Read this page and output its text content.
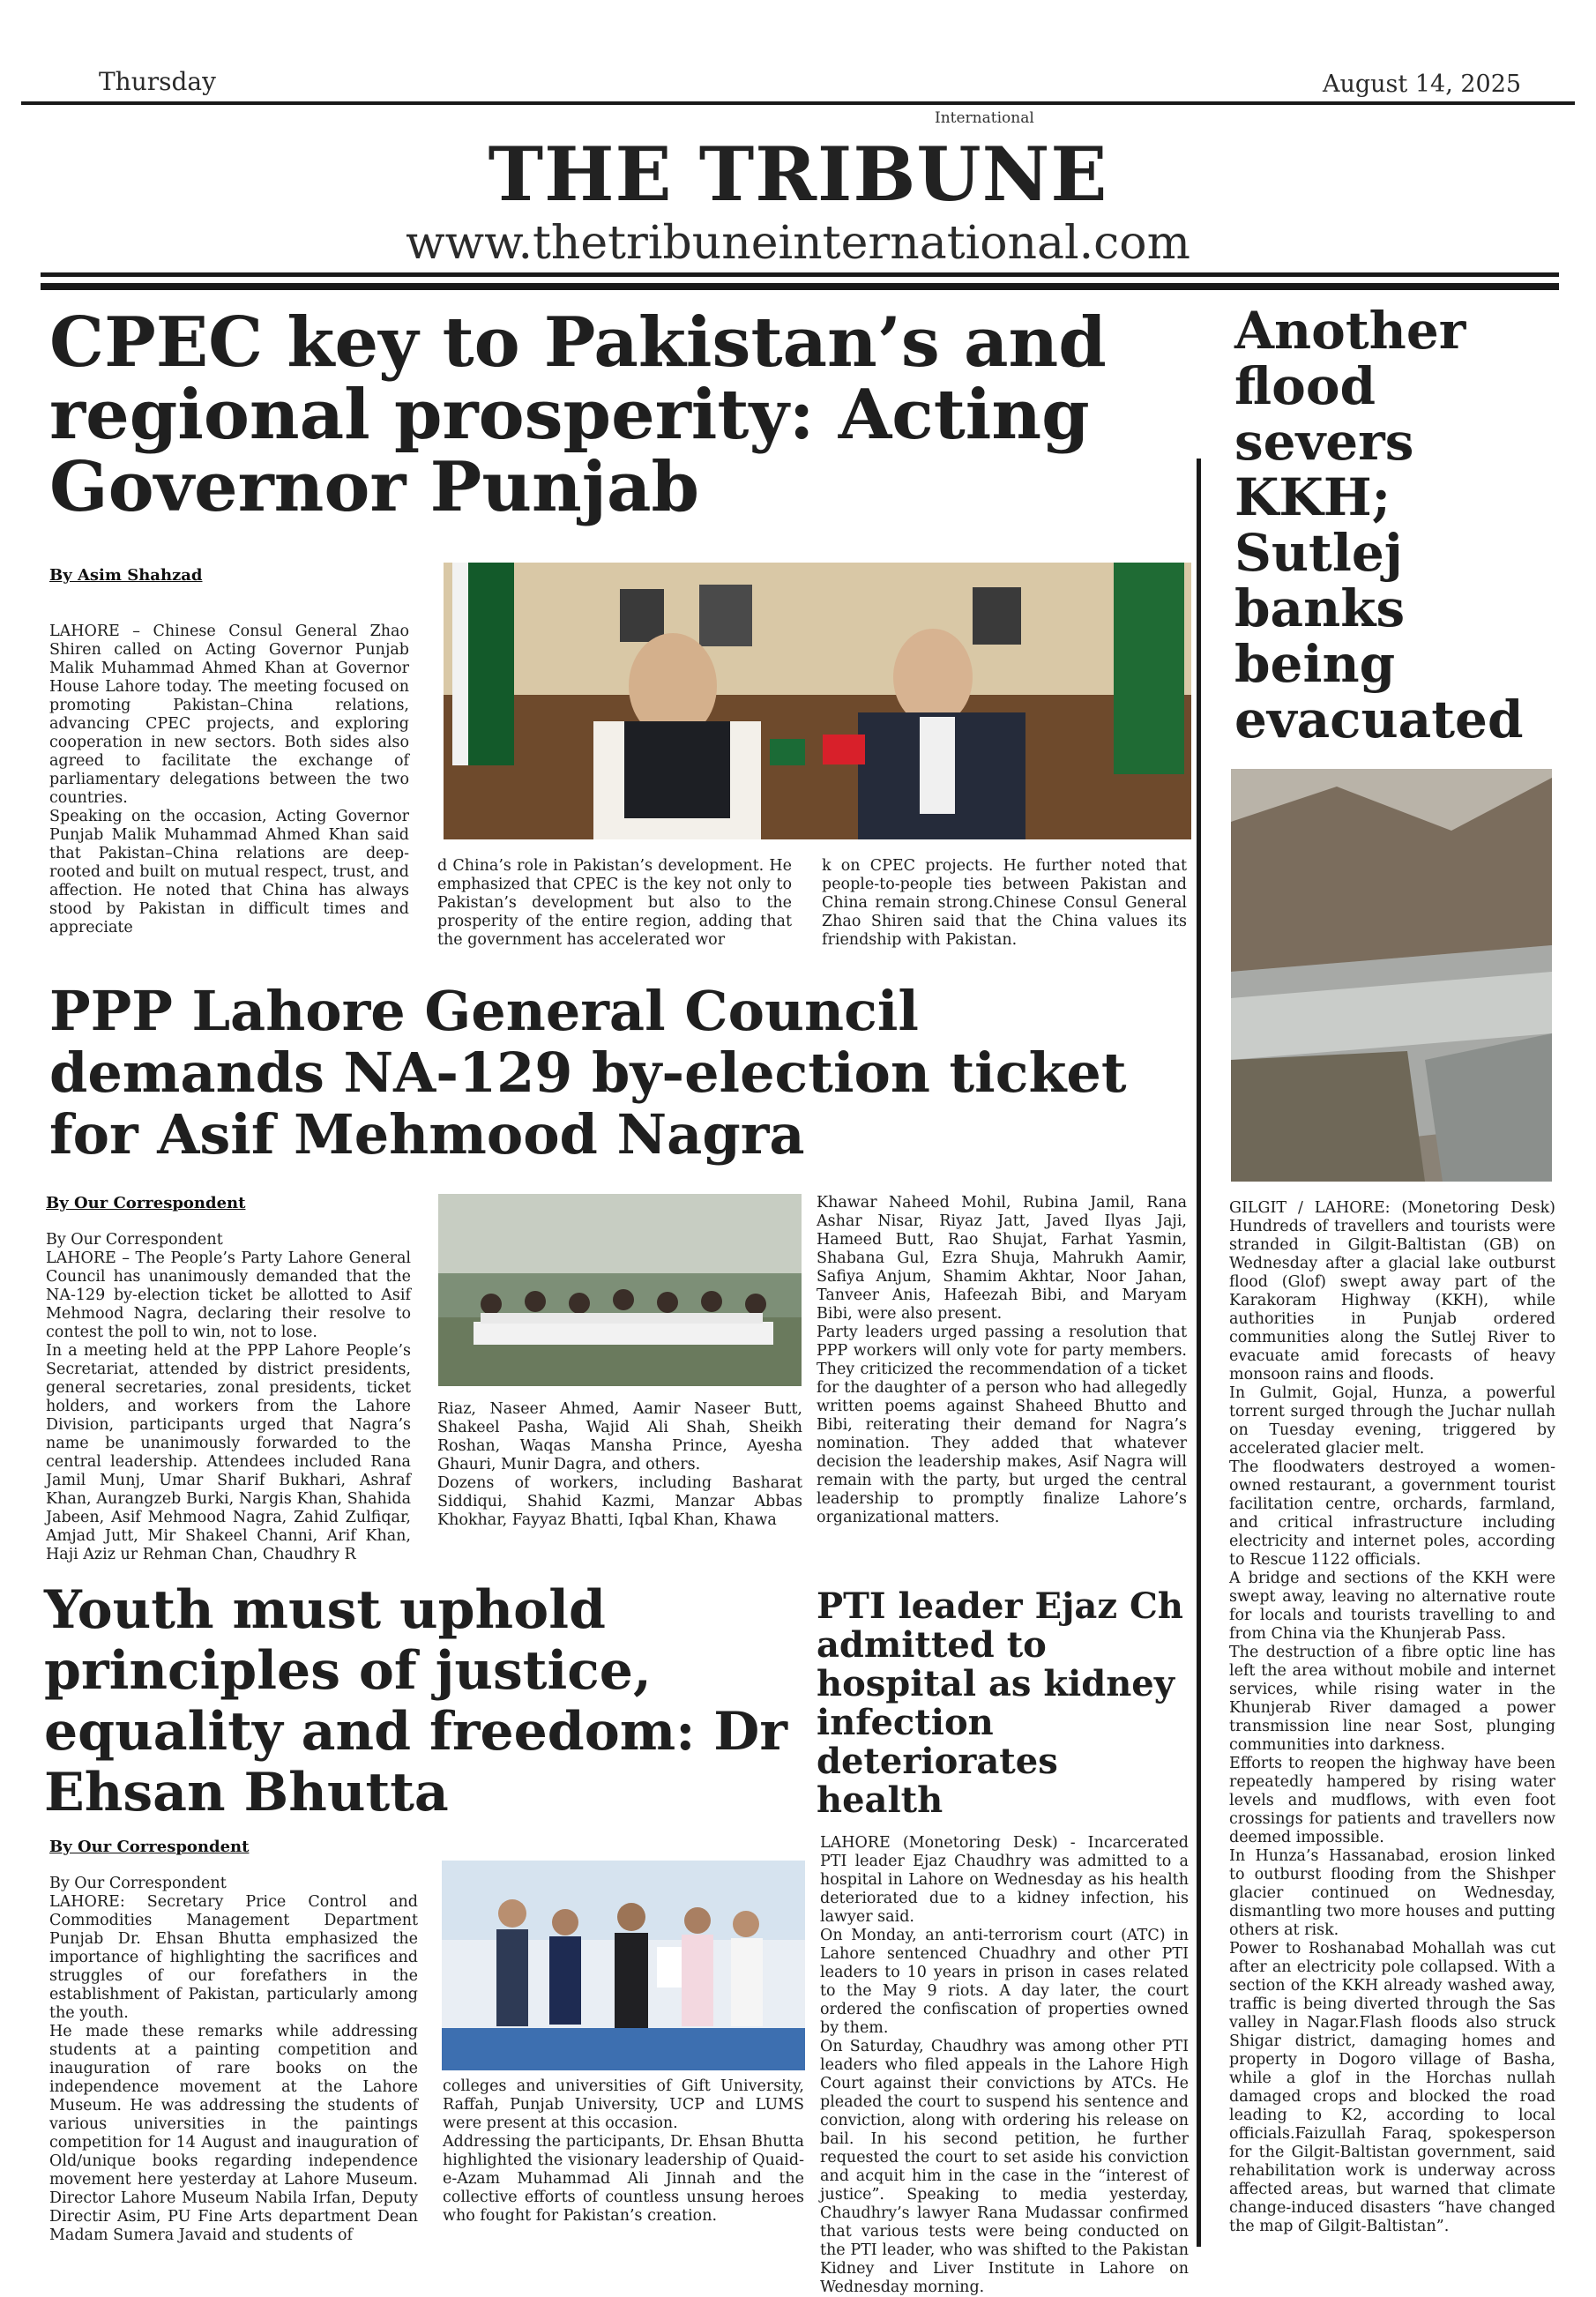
Thursday	August 14, 2025
International
THE TRIBUNE
www.thetribuneinternational.com
CPEC key to Pakistan’s and regional prosperity: Acting Governor Punjab
By Asim Shahzad

LAHORE – Chinese Consul General Zhao Shiren called on Acting Governor Punjab Malik Muhammad Ahmed Khan at Governor House Lahore today. The meeting focused on promoting Pakistan–China relations, advancing CPEC projects, and exploring cooperation in new sectors. Both sides also agreed to facilitate the exchange of parliamentary delegations between the two countries.

Speaking on the occasion, Acting Governor Punjab Malik Muhammad Ahmed Khan said that Pakistan–China relations are deep-rooted and built on mutual respect, trust, and affection. He noted that China has always stood by Pakistan in difficult times and appreciate

d China’s role in Pakistan’s development. He emphasized that CPEC is the key not only to Pakistan’s development but also to the prosperity of the entire region, adding that the government has accelerated wor

k on CPEC projects. He further noted that people-to-people ties between Pakistan and China remain strong.Chinese Consul General Zhao Shiren said that the China values its friendship with Pakistan.

PPP Lahore General Council demands NA-129 by-election ticket for Asif Mehmood Nagra
By Our Correspondent

By Our Correspondent

LAHORE – The People’s Party Lahore General Council has unanimously demanded that the NA-129 by-election ticket be allotted to Asif Mehmood Nagra, declaring their resolve to contest the poll to win, not to lose.

In a meeting held at the PPP Lahore People’s Secretariat, attended by district presidents, general secretaries, zonal presidents, ticket holders, and workers from the Lahore Division, participants urged that Nagra’s name be unanimously forwarded to the central leadership. Attendees included Rana Jamil Munj, Umar Sharif Bukhari, Ashraf Khan, Aurangzeb Burki, Nargis Khan, Shahida Jabeen, Asif Mehmood Nagra, Zahid Zulfiqar, Amjad Jutt, Mir Shakeel Channi, Arif Khan, Haji Aziz ur Rehman Chan, Chaudhry R

Riaz, Naseer Ahmed, Aamir Naseer Butt, Shakeel Pasha, Wajid Ali Shah, Sheikh Roshan, Waqas Mansha Prince, Ayesha Ghauri, Munir Dagra, and others.

Dozens of workers, including Basharat Siddiqui, Shahid Kazmi, Manzar Abbas Khokhar, Fayyaz Bhatti, Iqbal Khan, Khawa

Khawar Naheed Mohil, Rubina Jamil, Rana Ashar Nisar, Riyaz Jatt, Javed Ilyas Jaji, Hameed Butt, Rao Shujat, Farhat Yasmin, Shabana Gul, Ezra Shuja, Mahrukh Aamir, Safiya Anjum, Shamim Akhtar, Noor Jahan, Tanveer Anis, Hafeezah Bibi, and Maryam Bibi, were also present.

Party leaders urged passing a resolution that PPP workers will only vote for party members. They criticized the recommendation of a ticket for the daughter of a person who had allegedly written poems against Shaheed Bhutto and Bibi, reiterating their demand for Nagra’s nomination. They added that whatever decision the leadership makes, Asif Nagra will remain with the party, but urged the central leadership to promptly finalize Lahore’s organizational matters.

Youth must uphold principles of justice, equality and freedom: Dr Ehsan Bhutta
By Our Correspondent

By Our Correspondent

LAHORE: Secretary Price Control and Commodities Management Department Punjab Dr. Ehsan Bhutta emphasized the importance of highlighting the sacrifices and struggles of our forefathers in the establishment of Pakistan, particularly among the youth.

He made these remarks while addressing students at a painting competition and inauguration of rare books on the independence movement at the Lahore Museum. He was addressing the students of various universities in the paintings competition for 14 August and inauguration of Old/unique books regarding independence movement here yesterday at Lahore Museum. Director Lahore Museum Nabila Irfan, Deputy Directir Asim, PU Fine Arts department Dean Madam Sumera Javaid and students of

colleges and universities of Gift University, Raffah, Punjab University, UCP and LUMS were present at this occasion.

Addressing the participants, Dr. Ehsan Bhutta highlighted the visionary leadership of Quaid-e-Azam Muhammad Ali Jinnah and the collective efforts of countless unsung heroes who fought for Pakistan’s creation.

PTI leader Ejaz Ch admitted to hospital as kidney infection deteriorates health

LAHORE (Monetoring Desk) - Incarcerated PTI leader Ejaz Chaudhry was admitted to a hospital in Lahore on Wednesday as his health deteriorated due to a kidney infection, his lawyer said.

On Monday, an anti-terrorism court (ATC) in Lahore sentenced Chuadhry and other PTI leaders to 10 years in prison in cases related to the May 9 riots. A day later, the court ordered the confiscation of properties owned by them.

On Saturday, Chaudhry was among other PTI leaders who filed appeals in the Lahore High Court against their convictions by ATCs. He pleaded the court to suspend his sentence and conviction, along with ordering his release on bail. In his second petition, he further requested the court to set aside his conviction and acquit him in the case in the “interest of justice”. Speaking to media yesterday, Chaudhry’s lawyer Rana Mudassar confirmed that various tests were being conducted on the PTI leader, who was shifted to the Pakistan Kidney and Liver Institute in Lahore on Wednesday morning.

Another flood severs KKH; Sutlej banks being evacuated

GILGIT / LAHORE: (Monetoring Desk) Hundreds of travellers and tourists were stranded in Gilgit-Baltistan (GB) on Wednesday after a glacial lake outburst flood (Glof) swept away part of the Karakoram Highway (KKH), while authorities in Punjab ordered communities along the Sutlej River to evacuate amid forecasts of heavy monsoon rains and floods.

In Gulmit, Gojal, Hunza, a powerful torrent surged through the Juchar nullah on Tuesday evening, triggered by accelerated glacier melt.

The floodwaters destroyed a women-owned restaurant, a government tourist facilitation centre, orchards, farmland, and critical infrastructure including electricity and internet poles, according to Rescue 1122 officials.

A bridge and sections of the KKH were swept away, leaving no alternative route for locals and tourists travelling to and from China via the Khunjerab Pass.

The destruction of a fibre optic line has left the area without mobile and internet services, while rising water in the Khunjerab River damaged a power transmission line near Sost, plunging communities into darkness.

Efforts to reopen the highway have been repeatedly hampered by rising water levels and mudflows, with even foot crossings for patients and travellers now deemed impossible.

In Hunza’s Hassanabad, erosion linked to outburst flooding from the Shishper glacier continued on Wednesday, dismantling two more houses and putting others at risk.

Power to Roshanabad Mohallah was cut after an electricity pole collapsed. With a section of the KKH already washed away, traffic is being diverted through the Sas valley in Nagar.Flash floods also struck Shigar district, damaging homes and property in Dogoro village of Basha, while a glof in the Horchas nullah damaged crops and blocked the road leading to K2, according to local officials.Faizullah Faraq, spokesperson for the Gilgit-Baltistan government, said rehabilitation work is underway across affected areas, but warned that climate change-induced disasters “have changed the map of Gilgit-Baltistan”.
